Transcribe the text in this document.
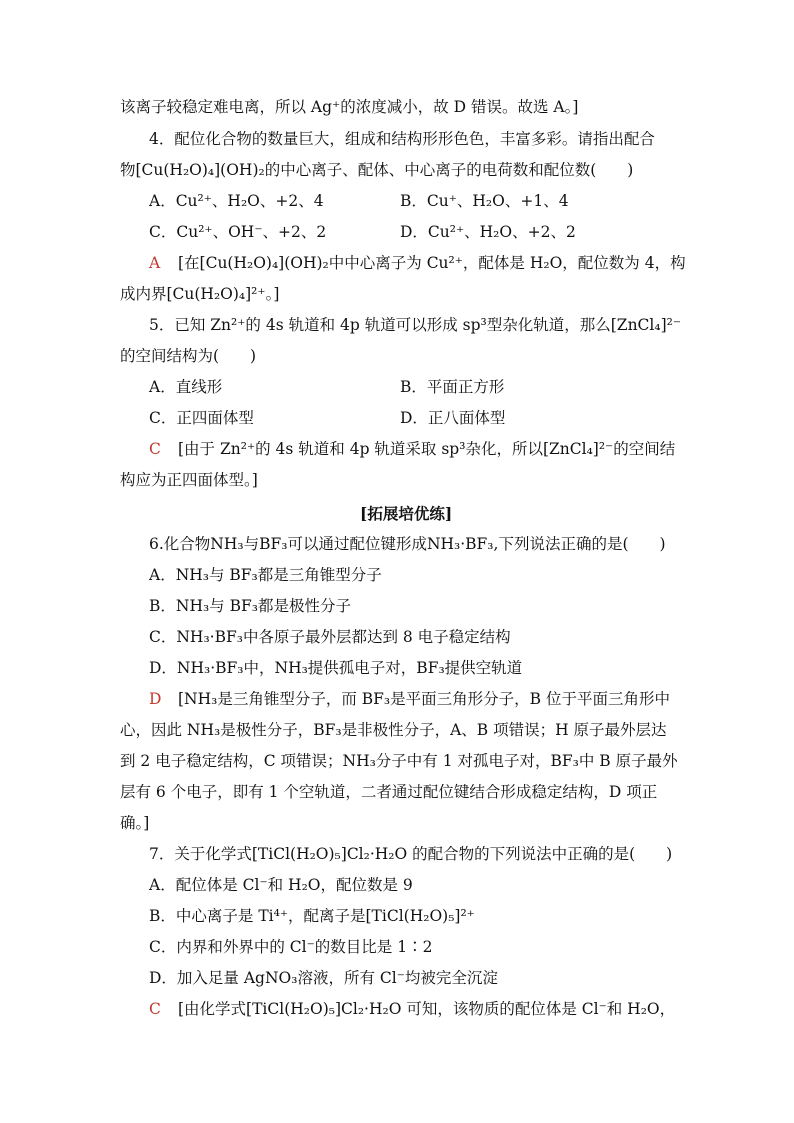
该离子较稳定难电离，所以 Ag⁺的浓度减小，故 D 错误。故选 A。]
4．配位化合物的数量巨大，组成和结构形形色色，丰富多彩。请指出配合
物[Cu(H₂O)₄](OH)₂的中心离子、配体、中心离子的电荷数和配位数(　　)
A．Cu²⁺、H₂O、+2、4	B．Cu⁺、H₂O、+1、4
C．Cu²⁺、OH⁻、+2、2	D．Cu²⁺、H₂O、+2、2
A [在[Cu(H₂O)₄](OH)₂中中心离子为 Cu²⁺，配体是 H₂O，配位数为 4，构
成内界[Cu(H₂O)₄]²⁺。]
5．已知 Zn²⁺的 4s 轨道和 4p 轨道可以形成 sp³型杂化轨道，那么[ZnCl₄]²⁻
的空间结构为(　　)
A．直线形	B．平面正方形
C．正四面体型	D．正八面体型
C [由于 Zn²⁺的 4s 轨道和 4p 轨道采取 sp³杂化，所以[ZnCl₄]²⁻的空间结
构应为正四面体型。]
[拓展培优练]
6.化合物NH₃与BF₃可以通过配位键形成NH₃·BF₃,下列说法正确的是(　　)
A．NH₃与 BF₃都是三角锥型分子
B．NH₃与 BF₃都是极性分子
C．NH₃·BF₃中各原子最外层都达到 8 电子稳定结构
D．NH₃·BF₃中，NH₃提供孤电子对，BF₃提供空轨道
D [NH₃是三角锥型分子，而 BF₃是平面三角形分子，B 位于平面三角形中
心，因此 NH₃是极性分子，BF₃是非极性分子，A、B 项错误；H 原子最外层达
到 2 电子稳定结构，C 项错误；NH₃分子中有 1 对孤电子对，BF₃中 B 原子最外
层有 6 个电子，即有 1 个空轨道，二者通过配位键结合形成稳定结构，D 项正
确。]
7．关于化学式[TiCl(H₂O)₅]Cl₂·H₂O 的配合物的下列说法中正确的是(　　)
A．配位体是 Cl⁻和 H₂O，配位数是 9
B．中心离子是 Ti⁴⁺，配离子是[TiCl(H₂O)₅]²⁺
C．内界和外界中的 Cl⁻的数目比是 1∶2
D．加入足量 AgNO₃溶液，所有 Cl⁻均被完全沉淀
C [由化学式[TiCl(H₂O)₅]Cl₂·H₂O 可知，该物质的配位体是 Cl⁻和 H₂O，
